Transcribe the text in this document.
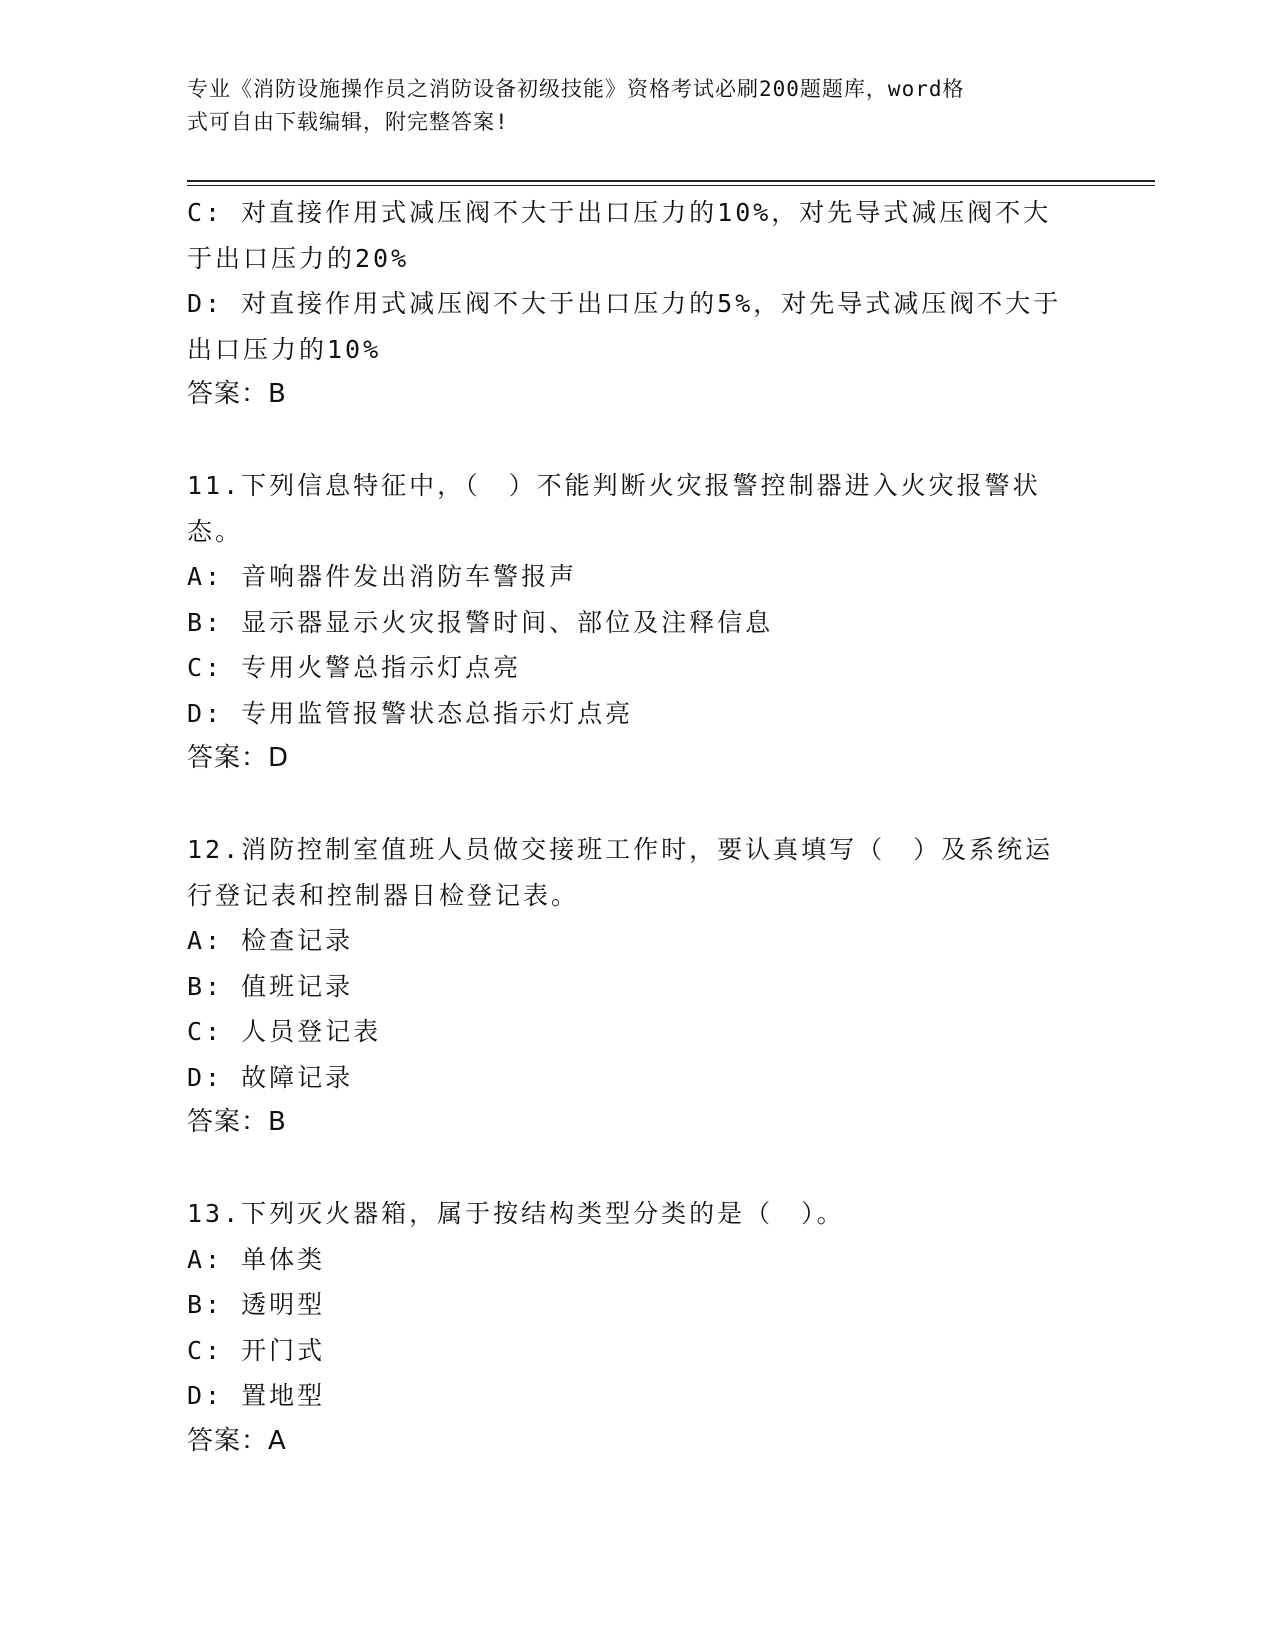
专业《消防设施操作员之消防设备初级技能》资格考试必刷200题题库，word格
式可自由下载编辑，附完整答案!
C: 对直接作用式减压阀不大于出口压力的10%，对先导式减压阀不大
于出口压力的20%
D: 对直接作用式减压阀不大于出口压力的5%，对先导式减压阀不大于
出口压力的10%
答案：B
11.下列信息特征中，（　）不能判断火灾报警控制器进入火灾报警状
态。
A: 音响器件发出消防车警报声
B: 显示器显示火灾报警时间、部位及注释信息
C: 专用火警总指示灯点亮
D: 专用监管报警状态总指示灯点亮
答案：D
12.消防控制室值班人员做交接班工作时，要认真填写（　）及系统运
行登记表和控制器日检登记表。
A: 检查记录
B: 值班记录
C: 人员登记表
D: 故障记录
答案：B
13.下列灭火器箱，属于按结构类型分类的是（　）。
A: 单体类
B: 透明型
C: 开门式
D: 置地型
答案：A
